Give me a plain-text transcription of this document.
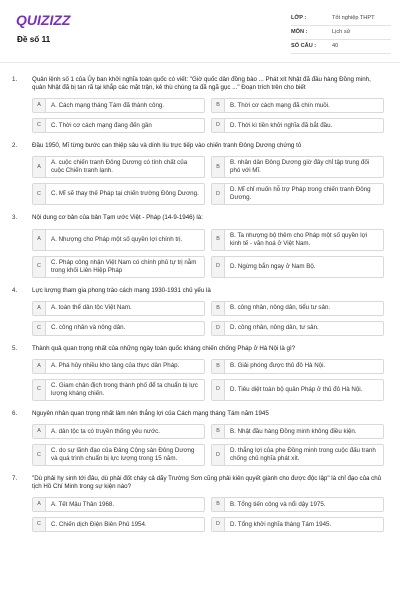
QUIZIZZ
Đề số 11
LỚP :	Tốt nghiệp THPT
MÔN :	Lịch sử
SỐ CÂU :	40
1. Quân lệnh số 1 của Ủy ban khởi nghĩa toàn quốc có viết: "Giờ quốc dân đồng bào ... Phát xít Nhật đã đầu hàng Đồng minh, quân Nhật đã bị tan rã tại khắp các mặt trận, kẻ thù chúng ta đã ngã gục ..." Đoạn trích trên cho biết
A	A. Cách mạng tháng Tám đã thành công.	B	B. Thời cơ cách mạng đã chín muồi.
C	C. Thời cơ cách mạng đang đến gần	D	D. Thời kì tiền khởi nghĩa đã bắt đầu.
2. Đầu 1950, Mĩ từng bước can thiệp sâu và dính líu trực tiếp vào chiến tranh Đông Dương chứng tỏ
A
A. cuộc chiến tranh Đông Dương có tính chất của cuộc Chiến tranh lạnh.
B
B. nhân dân Đông Dương giờ đây chỉ tập trung đối phó với Mĩ.
C	C. Mĩ sẽ thay thế Pháp tại chiến trường Đông Dương.	D
D. Mĩ chỉ muốn hỗ trợ Pháp trong chiến tranh Đông Dương.
3. Nội dung cơ bản của bản Tạm ước Việt - Pháp (14-9-1946) là:
A	A. Nhượng cho Pháp một số quyền lợi chính trị.	B
B. Ta nhượng bộ thêm cho Pháp một số quyền lợi kinh tế - văn hoá ở Việt Nam.
C
C. Pháp công nhận Việt Nam có chính phủ tự trị nằm trong khối Liên Hiệp Pháp
D	D. Ngừng bắn ngay ở Nam Bộ.
4. Lực lượng tham gia phong trào cách mạng 1930-1931 chủ yếu là
A	A. toàn thể dân tộc Việt Nam.	B	B. công nhân, nông dân, tiểu tư sản.
C	C. công nhân và nông dân.	D	D. công nhân, nông dân, tư sản.
5. Thành quả quan trọng nhất của những ngày toàn quốc kháng chiến chống Pháp ở Hà Nội là gì?
A	A. Phá hủy nhiều kho tàng của thực dân Pháp.	B	B. Giải phóng được thủ đô Hà Nội.
C
C. Giam chân địch trong thành phố để ta chuẩn bị lực lượng kháng chiến.
D	D. Tiêu diệt toàn bộ quân Pháp ở thủ đô Hà Nội.
6. Nguyên nhân quan trọng nhất làm nên thắng lợi của Cách mạng tháng Tám năm 1945
A	A. dân tộc ta có truyền thống yêu nước.	B	B. Nhật đầu hàng Đồng minh không điều kiện.
C
C. do sự lãnh đạo của Đảng Cộng sản Đông Dương và quá trình chuẩn bị lực lượng trong 15 năm.
D
D. thắng lợi của phe Đồng minh trong cuộc đấu tranh chống chủ nghĩa phát xít.
7. "Dù phải hy sinh tới đâu, dù phải đốt cháy cả dãy Trường Sơn cũng phải kiên quyết giành cho được độc lập" là chỉ đạo của chủ tịch Hồ Chí Minh trong sự kiện nào?
A	A. Tết Mậu Thân 1968.	B	B. Tổng tiến công và nổi dậy 1975.
C	C. Chiến dịch Điện Biên Phủ 1954.	D	D. Tổng khởi nghĩa tháng Tám 1945.
